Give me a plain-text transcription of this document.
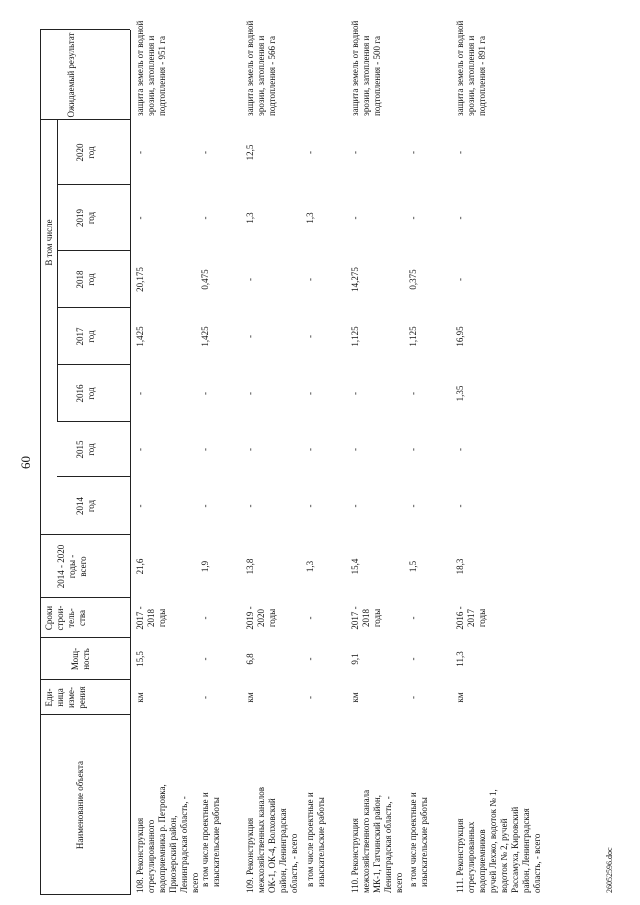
60
Наименование объекта
Еди-
ница
изме-
рения
Мощ-
ность
Сроки
строи-
тель-
ства
2014 - 2020
годы -
всего
В том числе
2014
год
2015
год
2016
год
2017
год
2018
год
2019
год
2020
год
Ожидаемый результат
108. Реконструкция
отрегулированного
водоприемника р. Петровка,
Приозерский район,
Ленинградская область, -
всего
км
15,5
2017 -
2018
годы
21,6
-
-
-
1,425
20,175
-
-
защита земель от водной
эрозии, затопления и
подтопления - 951 га
в том числе проектные и
изыскательские работы
-
-
-
1,9
-
-
-
1,425
0,475
-
-
109. Реконструкция
межхозяйственных каналов
ОК-1, ОК-4, Волховский
район, Ленинградская
область, - всего
км
6,8
2019 -
2020
годы
13,8
-
-
-
-
-
1,3
12,5
защита земель от водной
эрозии, затопления и
подтопления - 566 га
в том числе проектные и
изыскательские работы
-
-
-
1,3
-
-
-
-
-
1,3
-
110. Реконструкция
межхозяйственного канала
МК-1, Гатчинский район,
Ленинградская область, -
всего
км
9,1
2017 -
2018
годы
15,4
-
-
-
1,125
14,275
-
-
защита земель от водной
эрозии, затопления и
подтопления - 500 га
в том числе проектные и
изыскательские работы
-
-
-
1,5
-
-
-
1,125
0,375
-
-
111. Реконструкция
отрегулированных
водоприемников
ручей Лехжо, водоток № 1,
водоток № 2, ручей
Рассамуха, Кировский
район, Ленинградская
область, - всего
км
11,3
2016 -
2017
годы
18,3
-
-
1,35
16,95
-
-
-
защита земель от водной
эрозии, затопления и
подтопления - 891 га
26052596.doc
